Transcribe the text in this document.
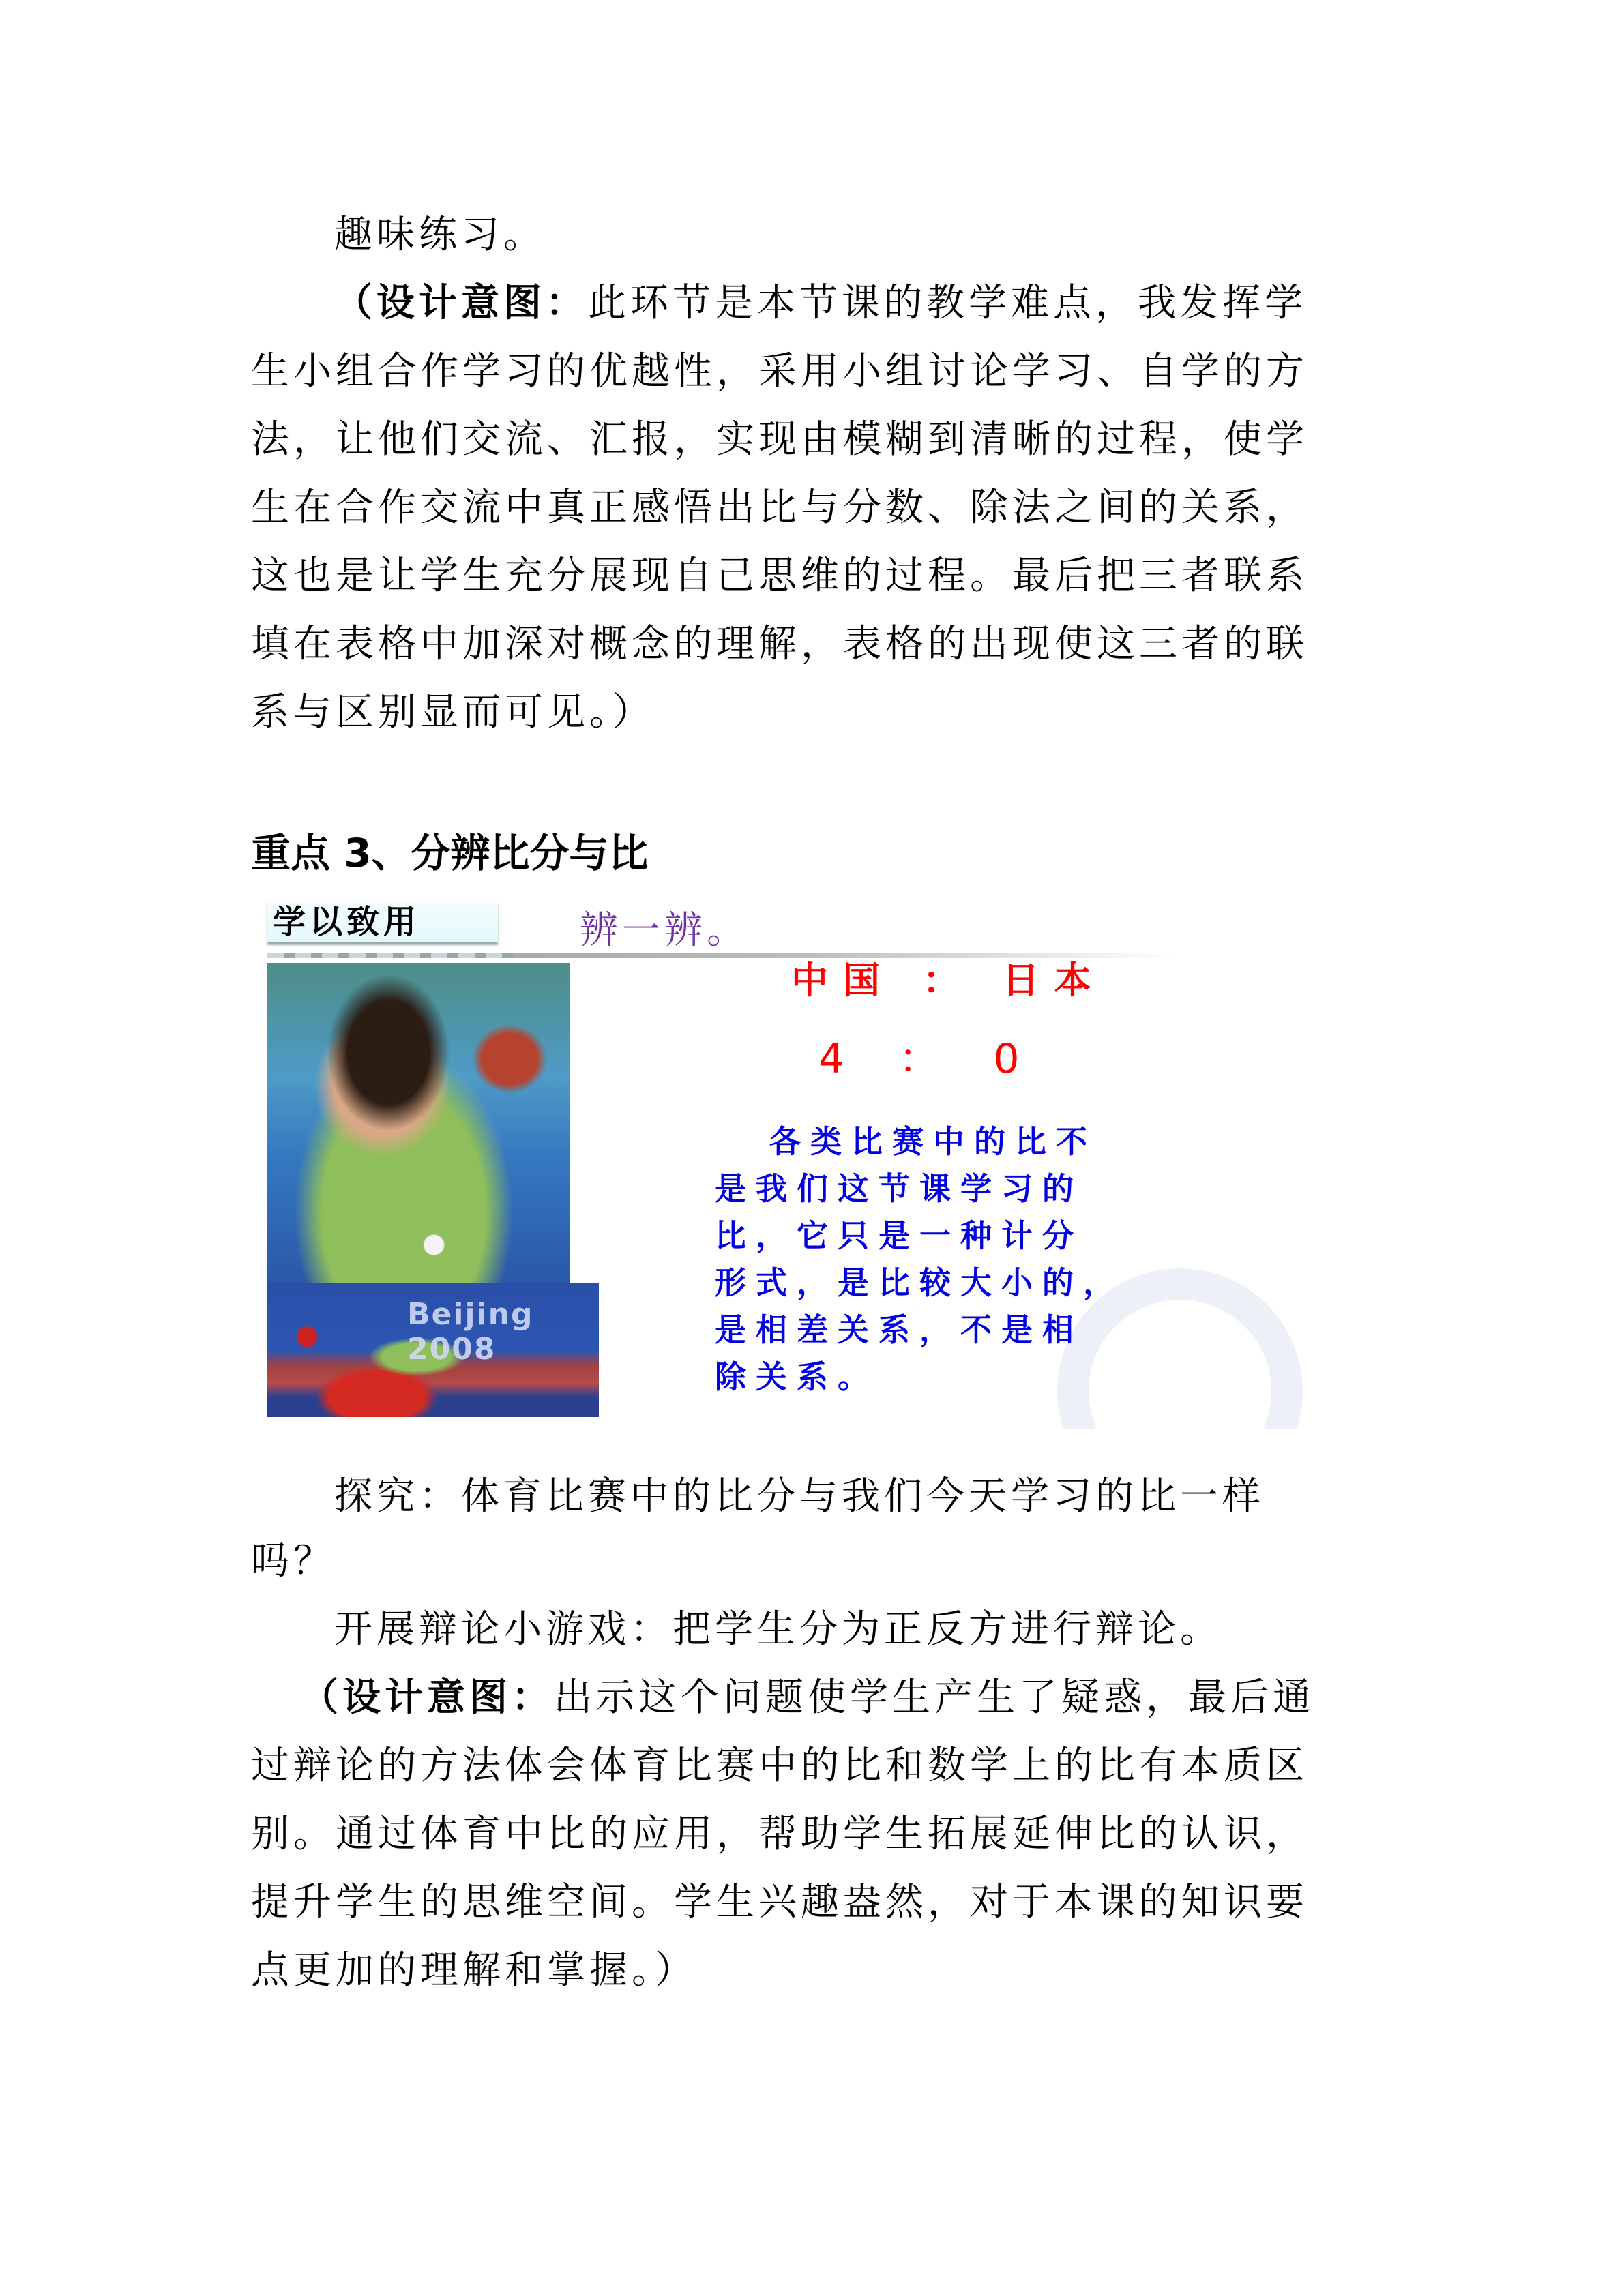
趣味练习。
（设计意图：此环节是本节课的教学难点，我发挥学
生小组合作学习的优越性，采用小组讨论学习、自学的方
法，让他们交流、汇报，实现由模糊到清晰的过程，使学
生在合作交流中真正感悟出比与分数、除法之间的关系，
这也是让学生充分展现自己思维的过程。最后把三者联系
填在表格中加深对概念的理解，表格的出现使这三者的联
系与区别显而可见。）
重点 3、分辨比分与比
学以致用	辨一辨。
Beijing 2008
中国 ： 日本
4 ： 0
各类比赛中的比不
是我们这节课学习的
比，它只是一种计分
形式，是比较大小的，
是相差关系，不是相
除关系。
探究：体育比赛中的比分与我们今天学习的比一样
吗？
开展辩论小游戏：把学生分为正反方进行辩论。
（设计意图：出示这个问题使学生产生了疑惑，最后通
过辩论的方法体会体育比赛中的比和数学上的比有本质区
别。通过体育中比的应用，帮助学生拓展延伸比的认识，
提升学生的思维空间。学生兴趣盎然，对于本课的知识要
点更加的理解和掌握。）
